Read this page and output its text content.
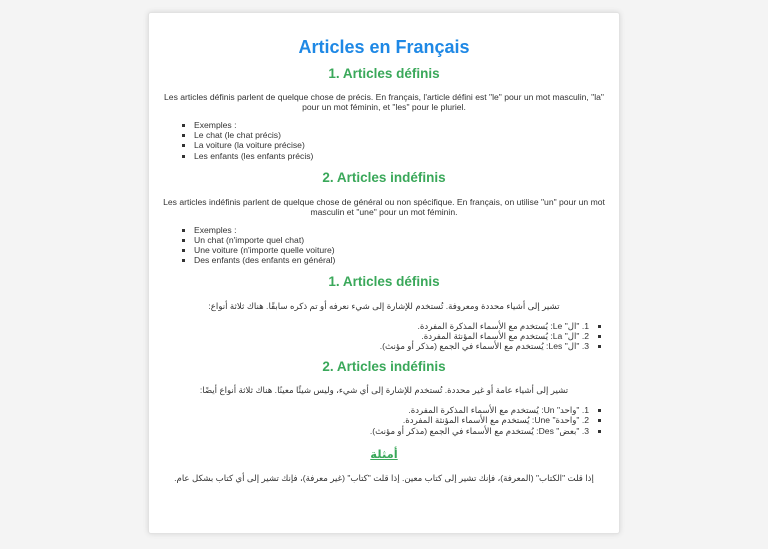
Articles en Français
1. Articles définis

Les articles définis parlent de quelque chose de précis. En français, l'article défini est "le" pour un mot masculin, "la" pour un mot féminin, et "les" pour le pluriel.

▪ Exemples :
▪ Le chat (le chat précis)
▪ La voiture (la voiture précise)
▪ Les enfants (les enfants précis)
2. Articles indéfinis

Les articles indéfinis parlent de quelque chose de général ou non spécifique. En français, on utilise "un" pour un mot masculin et "une" pour un mot féminin.

▪ Exemples :
▪ Un chat (n'importe quel chat)
▪ Une voiture (n'importe quelle voiture)
▪ Des enfants (des enfants en général)
1. Articles définis

تشير إلى أشياء محددة ومعروفة. تُستخدم للإشارة إلى شيء نعرفه أو تم ذكره سابقًا. هناك ثلاثة أنواع:

▪ 1. "ال" Le: يُستخدم مع الأسماء المذكرة المفردة.
▪ 2. "ال" La: يُستخدم مع الأسماء المؤنثة المفردة.
▪ 3. "ال" Les: يُستخدم مع الأسماء في الجمع (مذكر أو مؤنث).
2. Articles indéfinis

تشير إلى أشياء عامة أو غير محددة. تُستخدم للإشارة إلى أي شيء، وليس شيئًا معينًا. هناك ثلاثة أنواع أيضًا:

▪ 1. "واحد" Un: يُستخدم مع الأسماء المذكرة المفردة.
▪ 2. "واحدة" Une: يُستخدم مع الأسماء المؤنثة المفردة.
▪ 3. "بعض" Des: يُستخدم مع الأسماء في الجمع (مذكر أو مؤنث).
أمثلة

إذا قلت "الكتاب" (المعرفة)، فإنك تشير إلى كتاب معين. إذا قلت "كتاب" (غير معرفة)، فإنك تشير إلى أي كتاب بشكل عام.
